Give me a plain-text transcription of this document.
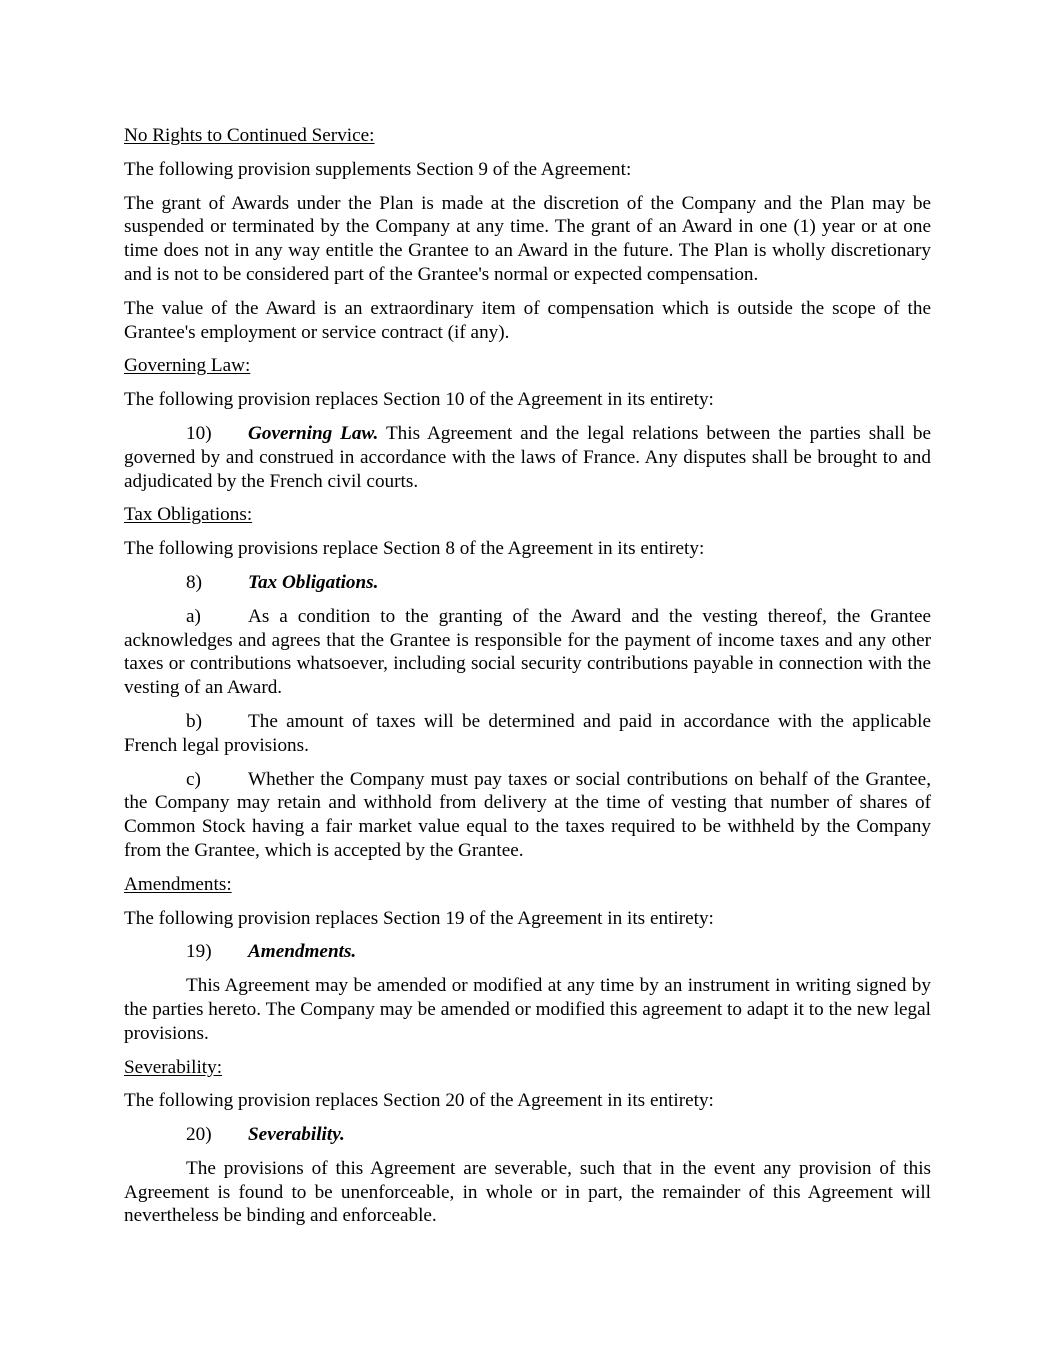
No Rights to Continued Service:

The following provision supplements Section 9 of the Agreement:

The grant of Awards under the Plan is made at the discretion of the Company and the Plan may be suspended or terminated by the Company at any time. The grant of an Award in one (1) year or at one time does not in any way entitle the Grantee to an Award in the future. The Plan is wholly discretionary and is not to be considered part of the Grantee's normal or expected compensation.

The value of the Award is an extraordinary item of compensation which is outside the scope of the Grantee's employment or service contract (if any).

Governing Law:

The following provision replaces Section 10 of the Agreement in its entirety:

10) Governing Law. This Agreement and the legal relations between the parties shall be governed by and construed in accordance with the laws of France. Any disputes shall be brought to and adjudicated by the French civil courts.

Tax Obligations:

The following provisions replace Section 8 of the Agreement in its entirety:

8) Tax Obligations.

a) As a condition to the granting of the Award and the vesting thereof, the Grantee acknowledges and agrees that the Grantee is responsible for the payment of income taxes and any other taxes or contributions whatsoever, including social security contributions payable in connection with the vesting of an Award.

b) The amount of taxes will be determined and paid in accordance with the applicable French legal provisions.

c) Whether the Company must pay taxes or social contributions on behalf of the Grantee, the Company may retain and withhold from delivery at the time of vesting that number of shares of Common Stock having a fair market value equal to the taxes required to be withheld by the Company from the Grantee, which is accepted by the Grantee.

Amendments:

The following provision replaces Section 19 of the Agreement in its entirety:

19) Amendments.

This Agreement may be amended or modified at any time by an instrument in writing signed by the parties hereto. The Company may be amended or modified this agreement to adapt it to the new legal provisions.

Severability:

The following provision replaces Section 20 of the Agreement in its entirety:

20) Severability.

The provisions of this Agreement are severable, such that in the event any provision of this Agreement is found to be unenforceable, in whole or in part, the remainder of this Agreement will nevertheless be binding and enforceable.
